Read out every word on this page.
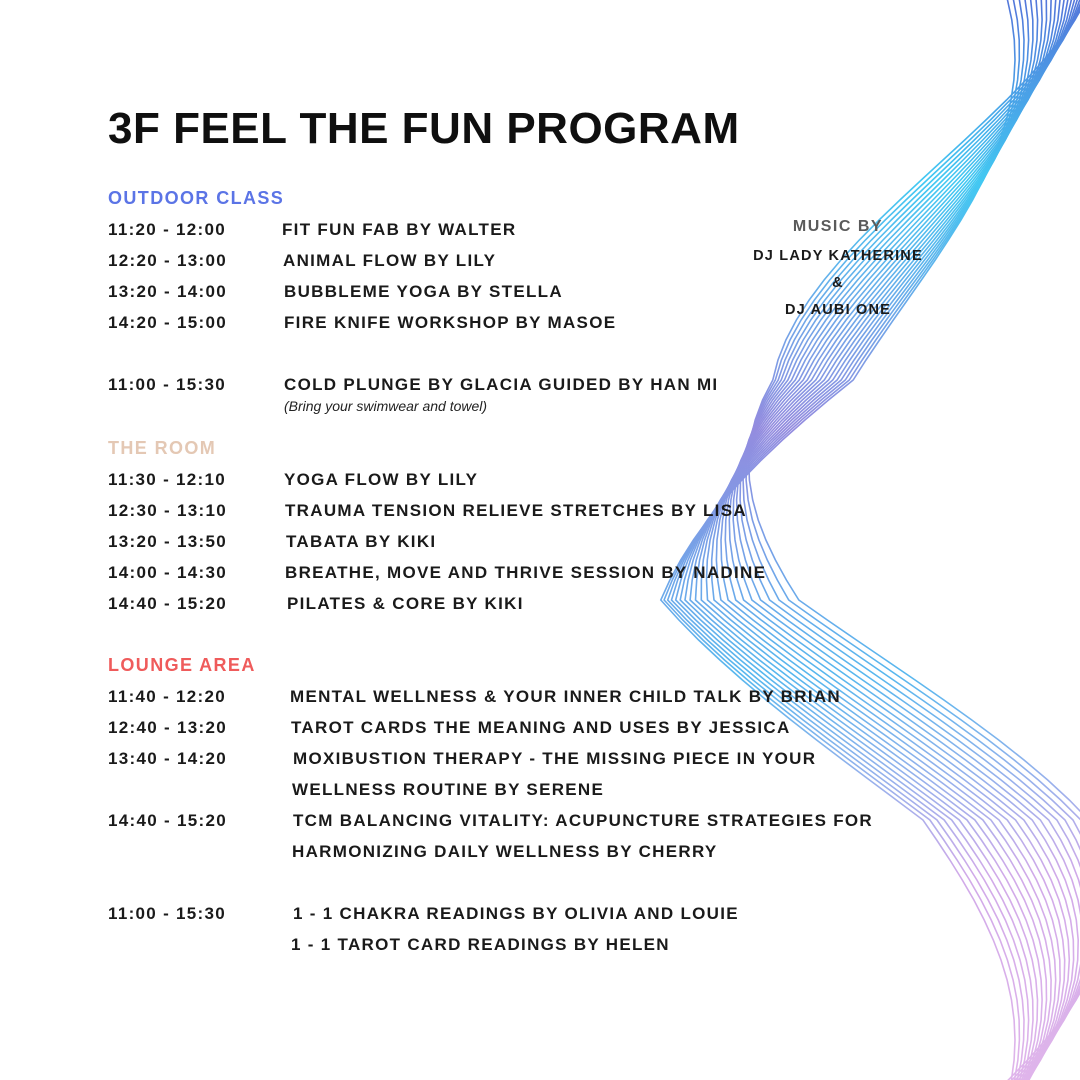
3F FEEL THE FUN PROGRAM
OUTDOOR CLASS
11:20 - 12:00	FIT FUN FAB BY WALTER
12:20 - 13:00	ANIMAL FLOW BY LILY
13:20 - 14:00	BUBBLEME YOGA BY STELLA
14:20 - 15:00	FIRE KNIFE WORKSHOP BY MASOE
11:00 - 15:30	COLD PLUNGE BY GLACIA GUIDED BY HAN MI
(Bring your swimwear and towel)
THE ROOM
11:30 - 12:10	YOGA FLOW BY LILY
12:30 - 13:10	TRAUMA TENSION RELIEVE STRETCHES BY LISA
13:20 - 13:50	TABATA BY KIKI
14:00 - 14:30	BREATHE, MOVE AND THRIVE SESSION BY NADINE
14:40 - 15:20	PILATES & CORE BY KIKI
LOUNGE AREA
11:40 - 12:20	MENTAL WELLNESS & YOUR INNER CHILD TALK BY BRIAN
12:40 - 13:20	TAROT CARDS THE MEANING AND USES BY JESSICA
13:40 - 14:20	MOXIBUSTION THERAPY - THE MISSING PIECE IN YOUR
WELLNESS ROUTINE BY SERENE
14:40 - 15:20	TCM BALANCING VITALITY: ACUPUNCTURE STRATEGIES FOR
HARMONIZING DAILY WELLNESS BY CHERRY
11:00 - 15:30	1 - 1 CHAKRA READINGS BY OLIVIA AND LOUIE
1 - 1 TAROT CARD READINGS BY HELEN
MUSIC BY
DJ LADY KATHERINE
&
DJ AUBI ONE
